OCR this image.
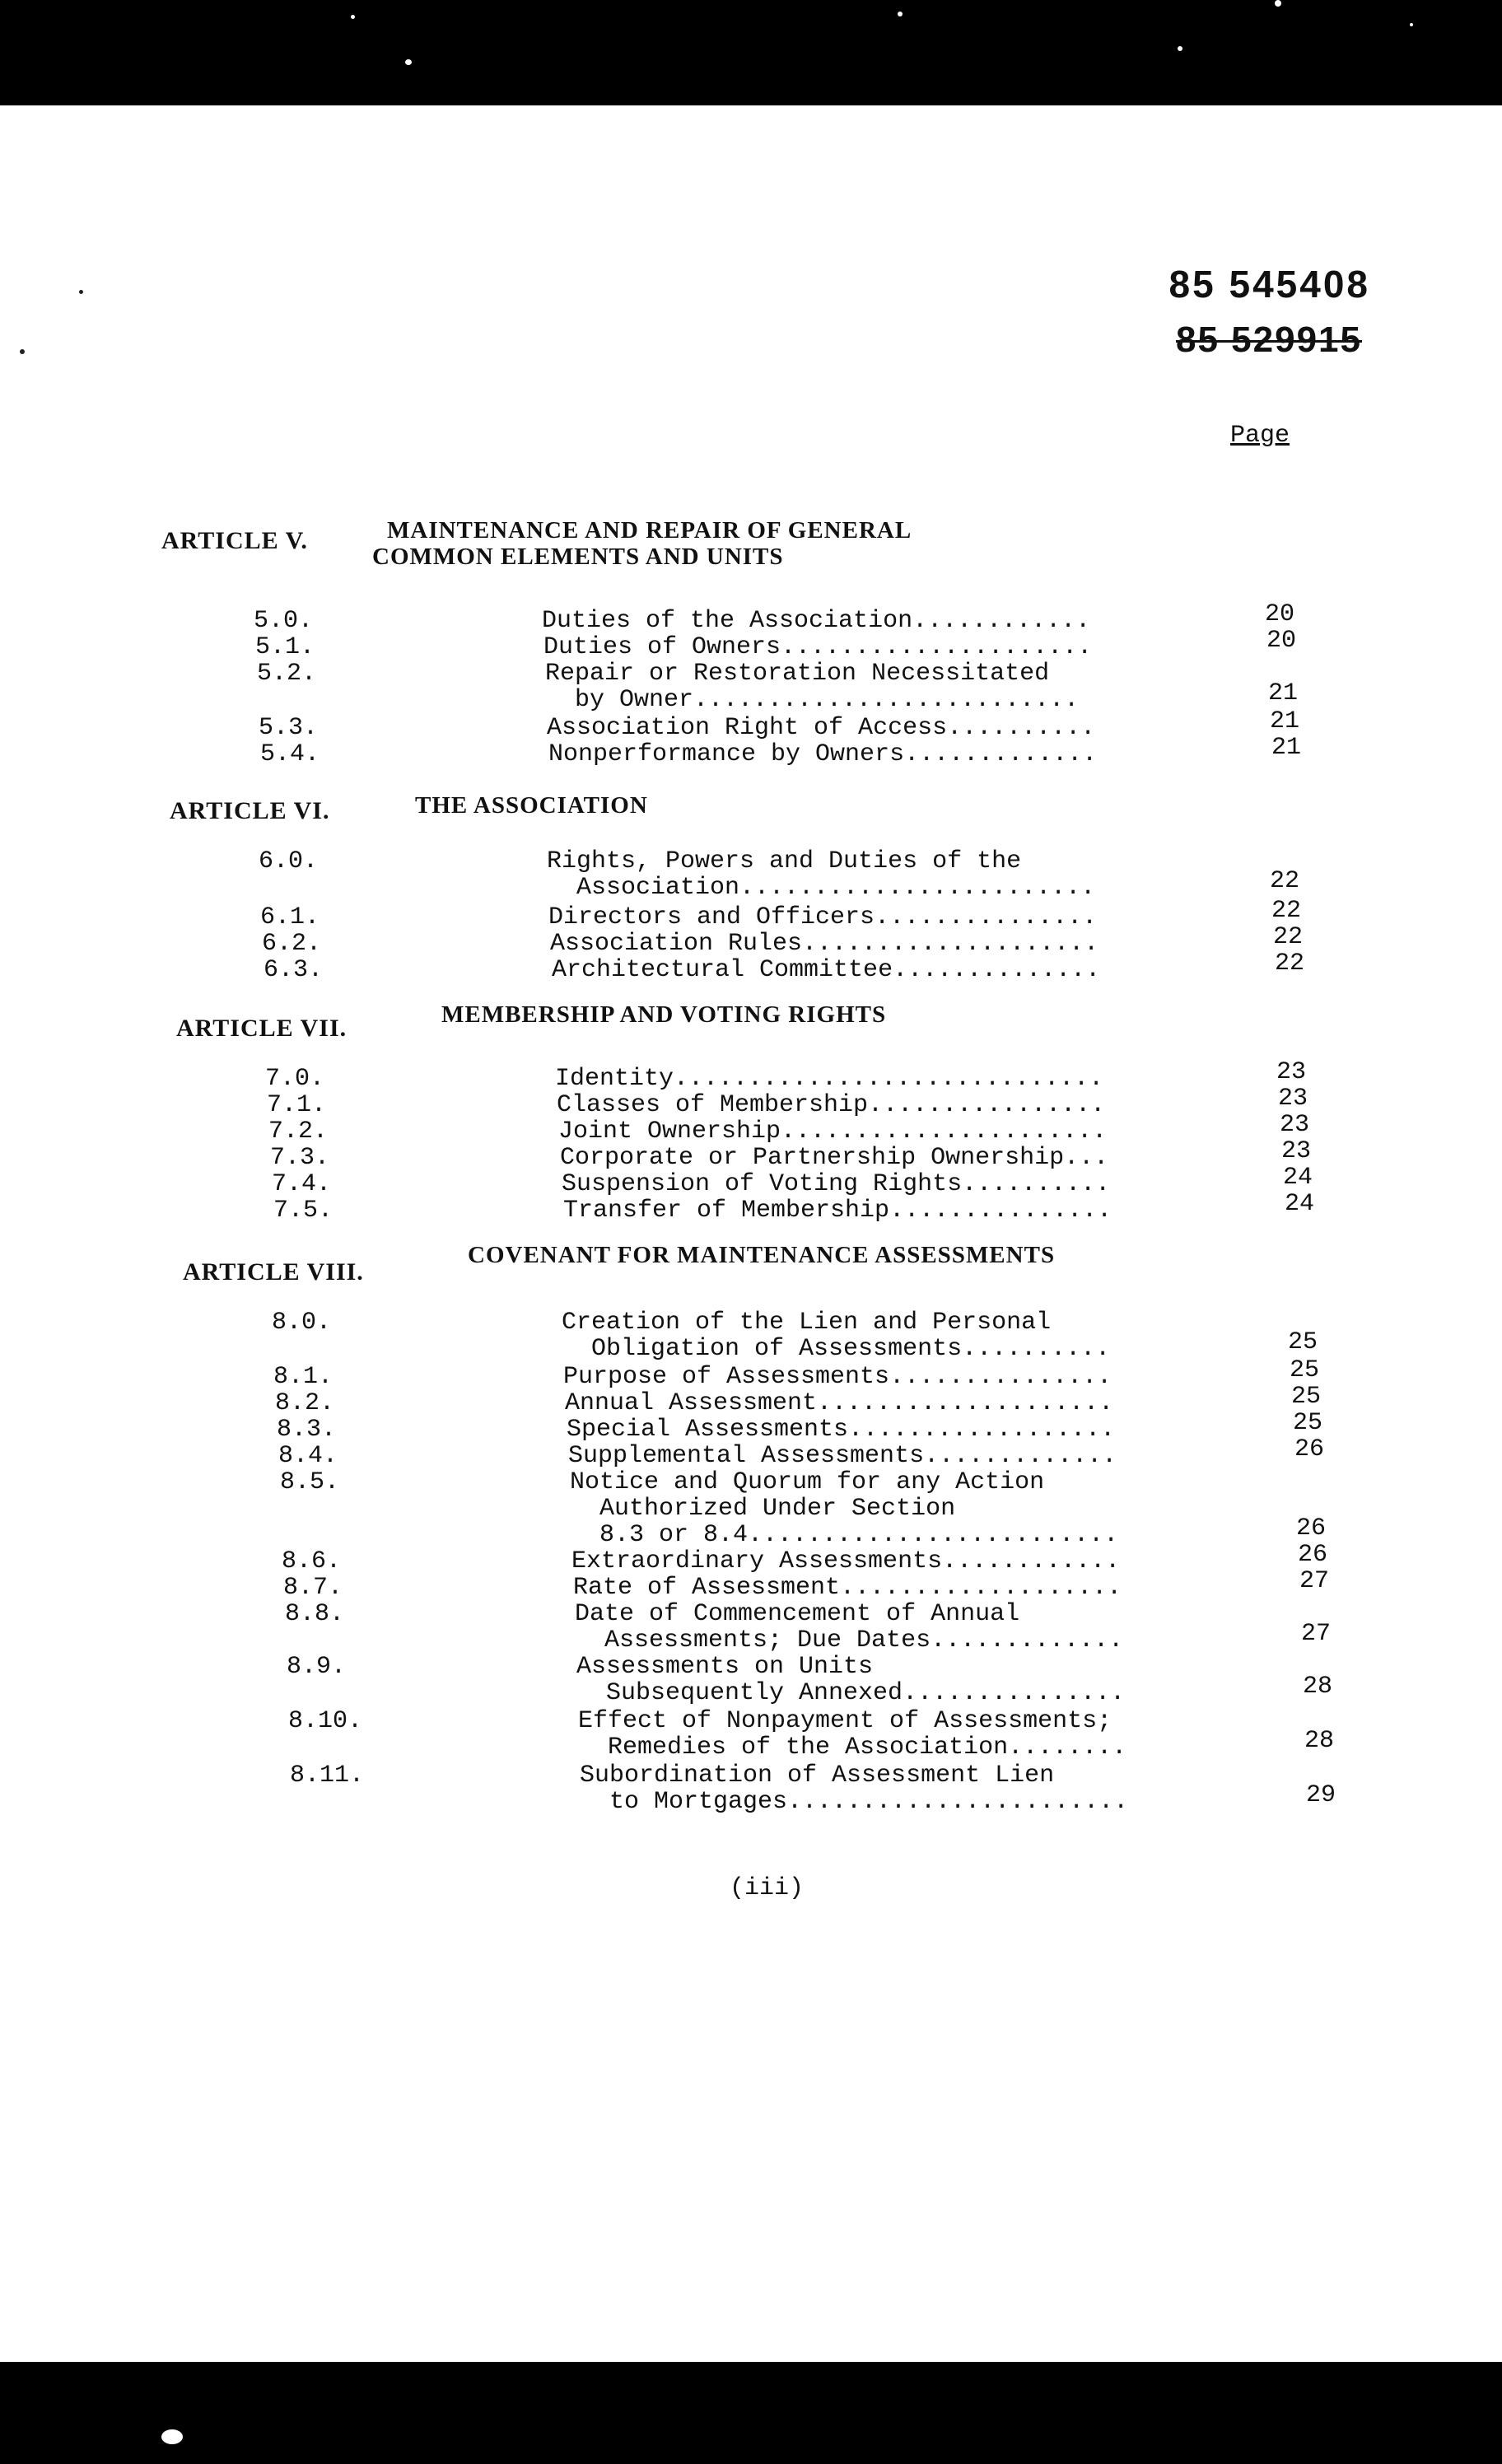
85 545408
85 529915
Page
ARTICLE V.	MAINTENANCE AND REPAIR OF GENERAL
COMMON ELEMENTS AND UNITS
5.0.	Duties of the Association............	20
5.1.	Duties of Owners.....................	20
5.2.	Repair or Restoration Necessitated
by Owner..........................	21
5.3.	Association Right of Access..........	21
5.4.	Nonperformance by Owners.............	21
ARTICLE VI.	THE ASSOCIATION
6.0.	Rights, Powers and Duties of the
Association........................	22
6.1.	Directors and Officers...............	22
6.2.	Association Rules....................	22
6.3.	Architectural Committee..............	22
ARTICLE VII.	MEMBERSHIP AND VOTING RIGHTS
7.0.	Identity.............................	23
7.1.	Classes of Membership................	23
7.2.	Joint Ownership......................	23
7.3.	Corporate or Partnership Ownership...	23
7.4.	Suspension of Voting Rights..........	24
7.5.	Transfer of Membership...............	24
ARTICLE VIII.
COVENANT FOR MAINTENANCE ASSESSMENTS
8.0.	Creation of the Lien and Personal
Obligation of Assessments..........	25
8.1.	Purpose of Assessments...............	25
8.2.	Annual Assessment....................	25
8.3.	Special Assessments..................	25
8.4.	Supplemental Assessments.............	26
8.5.	Notice and Quorum for any Action
Authorized Under Section
8.3 or 8.4.........................	26
8.6.	Extraordinary Assessments............	26
8.7.	Rate of Assessment...................	27
8.8.	Date of Commencement of Annual
Assessments; Due Dates.............	27
8.9.	Assessments on Units
Subsequently Annexed...............	28
8.10.	Effect of Nonpayment of Assessments;
Remedies of the Association........	28
8.11.	Subordination of Assessment Lien
to Mortgages.......................	29
(iii)
